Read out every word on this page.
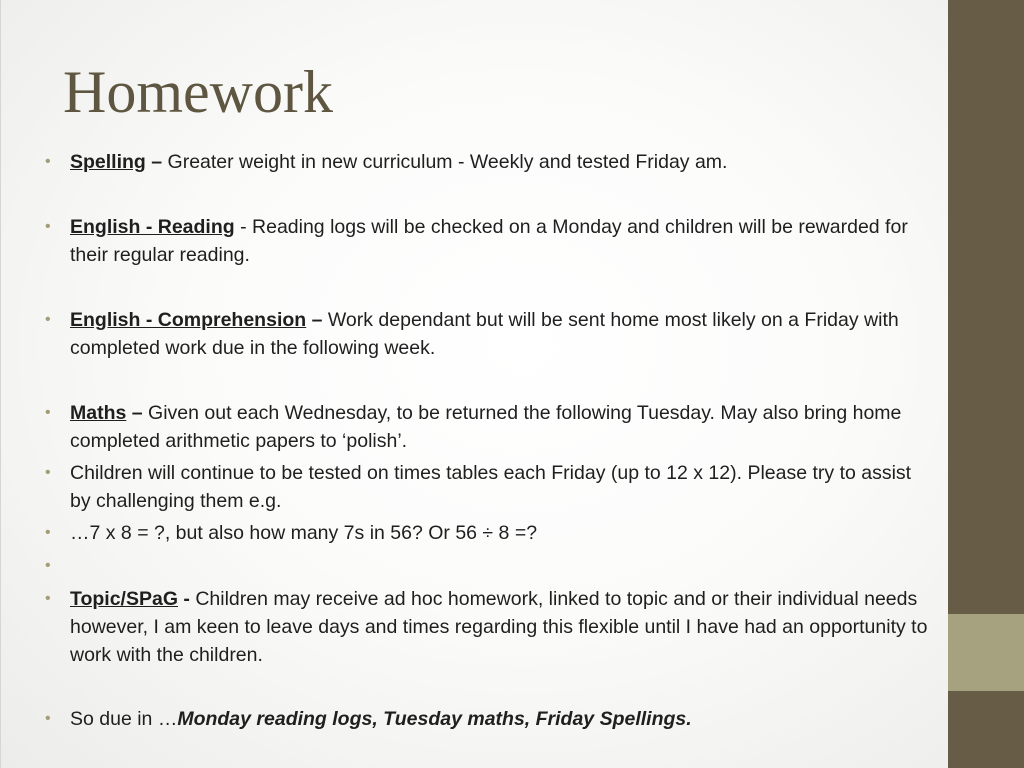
Homework
• Spelling – Greater weight in new curriculum - Weekly and tested Friday am.
• English - Reading - Reading logs will be checked on a Monday and children will be rewarded for their regular reading.
• English - Comprehension – Work dependant but will be sent home most likely on a Friday with completed work due in the following week.
• Maths – Given out each Wednesday, to be returned the following Tuesday. May also bring home completed arithmetic papers to ‘polish’.
• Children will continue to be tested on times tables each Friday (up to 12 x 12). Please try to assist by challenging them e.g.
• …7 x 8 = ?, but also how many 7s in 56? Or 56 ÷ 8 =?
•
• Topic/SPaG - Children may receive ad hoc homework, linked to topic and or their individual needs however, I am keen to leave days and times regarding this flexible until I have had an opportunity to work with the children.
• So due in …Monday reading logs, Tuesday maths, Friday Spellings.
